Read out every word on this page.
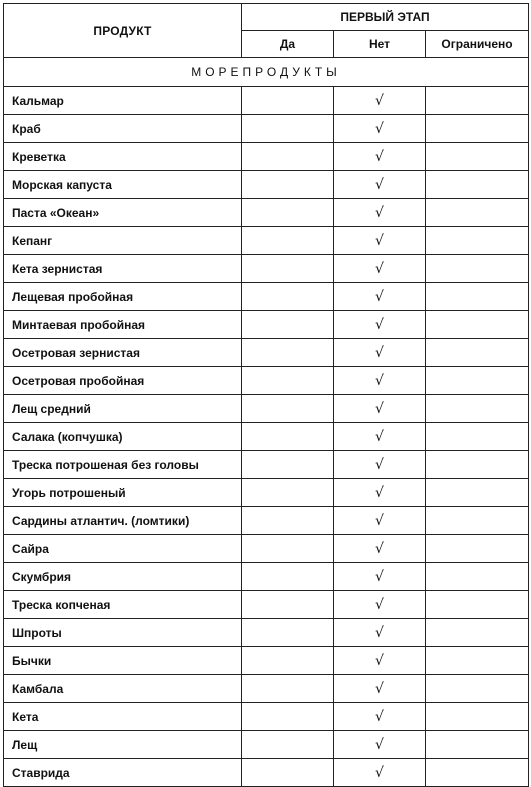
ПРОДУКТ	ПЕРВЫЙ ЭТАП		
	Да	Нет	Ограничено
МОРЕПРОДУКТЫ			
Кальмар		√	
Краб		√	
Креветка		√	
Морская капуста		√	
Паста «Океан»		√	
Кепанг		√	
Кета зернистая		√	
Лещевая пробойная		√	
Минтаевая пробойная		√	
Осетровая зернистая		√	
Осетровая пробойная		√	
Лещ средний		√	
Салака (копчушка)		√	
Треска потрошеная без головы		√	
Угорь потрошеный		√	
Сардины атлантич. (ломтики)		√	
Сайра		√	
Скумбрия		√	
Треска копченая		√	
Шпроты		√	
Бычки		√	
Камбала		√	
Кета		√	
Лещ		√	
Ставрида		√	
